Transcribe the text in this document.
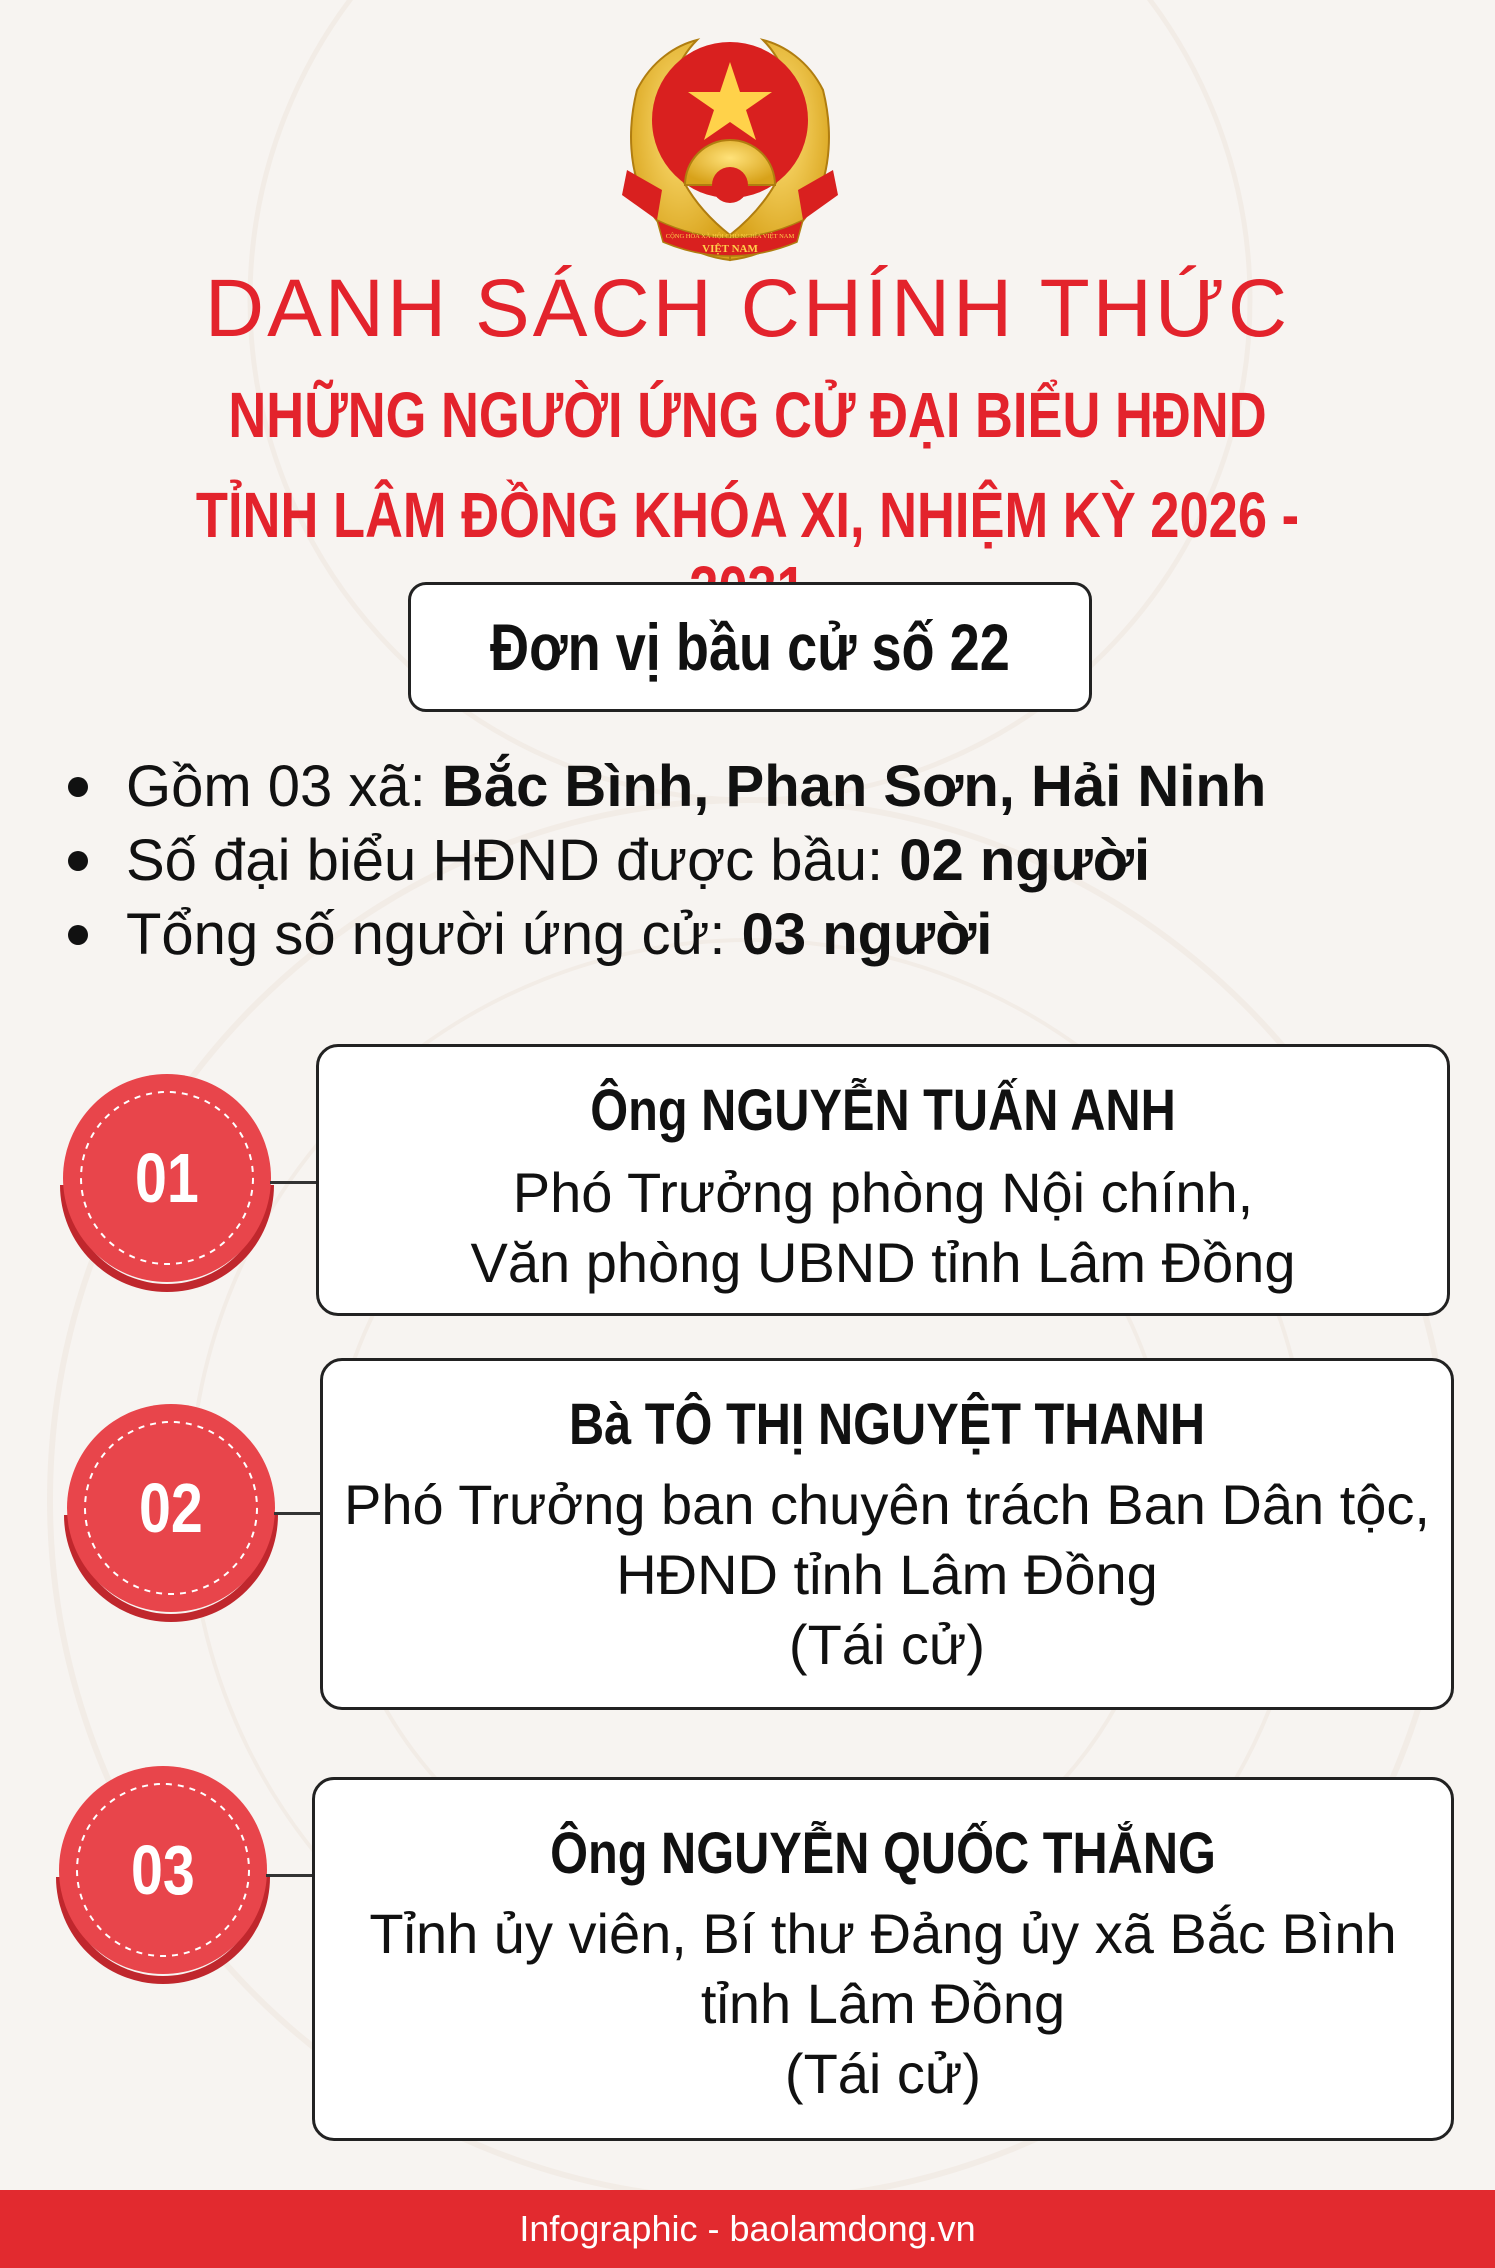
CỘNG HÒA XÃ HỘI CHỦ NGHĨA VIỆT NAM
VIỆT NAM
DANH SÁCH CHÍNH THỨC
NHỮNG NGƯỜI ỨNG CỬ ĐẠI BIỂU HĐND
TỈNH LÂM ĐỒNG KHÓA XI, NHIỆM KỲ 2026 -
Đơn vị bầu cử số 22
Gồm 03 xã: Bắc Bình, Phan Sơn, Hải Ninh
Số đại biểu HĐND được bầu: 02 người
Tổng số người ứng cử: 03 người
01
Ông NGUYỄN TUẤN ANH
Phó Trưởng phòng Nội chính,
Văn phòng UBND tỉnh Lâm Đồng
02
Bà TÔ THỊ NGUYỆT THANH
Phó Trưởng ban chuyên trách Ban Dân tộc,
HĐND tỉnh Lâm Đồng
(Tái cử)
03	Ông NGUYỄN QUỐC THẮNG
Tỉnh ủy viên, Bí thư Đảng ủy xã Bắc Bình
tỉnh Lâm Đồng
(Tái cử)
Infographic - baolamdong.vn
